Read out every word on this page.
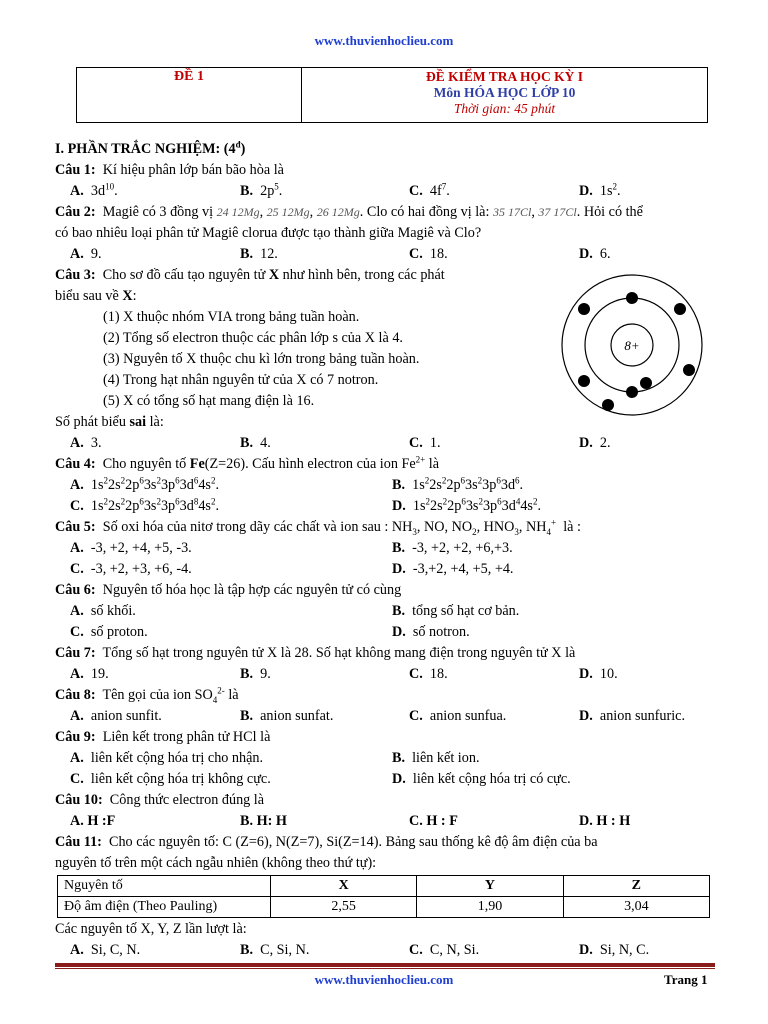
www.thuvienhoclieu.com
ĐỀ 1	ĐỀ KIỂM TRA HỌC KỲ I
Môn HÓA HỌC LỚP 10
Thời gian: 45 phút
I. PHẦN TRẮC NGHIỆM: $(4^đ)$
Câu 1: Kí hiệu phân lớp bán bão hòa là
A. $3d^{10}$.	B. $2p^5$.	C. $4f^7$.	D. $1s^2$.
Câu 2: Magiê có 3 đồng vị 24 12Mg, 25 12Mg, 26 12Mg. Clo có hai đồng vị là: 35 17Cl, 37 17Cl. Hỏi có thể
có bao nhiêu loại phân tử Magiê clorua được tạo thành giữa Magiê và Clo?
A. 9.	B. 12.	C. 18.	D. 6.
Câu 3: Cho sơ đồ cấu tạo nguyên tử X như hình bên, trong các phát
biểu sau về X:
(1) X thuộc nhóm VIA trong bảng tuần hoàn.
(2) Tổng số electron thuộc các phân lớp s của X là 4.
(3) Nguyên tố X thuộc chu kì lớn trong bảng tuần hoàn.
(4) Trong hạt nhân nguyên tử của X có 7 notron.
(5) X có tổng số hạt mang điện là 16.
Số phát biểu sai là:
A. 3.	B. 4.	C. 1.	D. 2.
Câu 4: Cho nguyên tố Fe(Z=26). Cấu hình electron của ion $Fe^{2+}$ là
A.  $1s^22s^22p^63s^23p^63d^64s^2$.	B.  $1s^22s^22p^63s^23p^63d^6$.
C.  $1s^22s^22p^63s^23p^63d^84s^2$.	D.  $1s^22s^22p^63s^23p^63d^44s^2$.
Câu 5: Số oxi hóa của nitơ trong dãy các chất và ion sau : $NH_3$, NO, $NO_2$, $HNO_3$, $NH_4^+$  là :
A. -3, +2, +4, +5, -3.	B. -3, +2, +2, +6,+3.
C. -3, +2, +3, +6, -4.	D. -3,+2, +4, +5, +4.
Câu 6: Nguyên tố hóa học là tập hợp các nguyên tử có cùng
A. số khối.	B. tổng số hạt cơ bản.
C. số proton.	D. số notron.
Câu 7: Tổng số hạt trong nguyên tử X là 28. Số hạt không mang điện trong nguyên tử X là
A. 19.	B. 9.	C. 18.	D. 10.
Câu 8: Tên gọi của ion $SO_4^{2-}$ là
A. anion sunfit.	B. anion sunfat.	C. anion sunfua.	D. anion sunfuric.
Câu 9: Liên kết trong phân tử HCl là
A. liên kết cộng hóa trị cho nhận.	B. liên kết ion.
C. liên kết cộng hóa trị không cực.	D. liên kết cộng hóa trị có cực.
Câu 10: Công thức electron đúng là
A. H :F	B. H: H	C. H : F	D. H : H
Câu 11: Cho các nguyên tố: C (Z=6), N(Z=7), Si(Z=14). Bảng sau thống kê độ âm điện của ba
nguyên tố trên một cách ngẫu nhiên (không theo thứ tự):
Nguyên tố	X	Y	Z
Độ âm điện (Theo Pauling)	2,55	1,90	3,04
Các nguyên tố X, Y, Z lần lượt là:
A. Si, C, N.	B. C, Si, N.	C. C, N, Si.	D. Si, N, C.
8+
www.thuvienhoclieu.com	Trang 1
